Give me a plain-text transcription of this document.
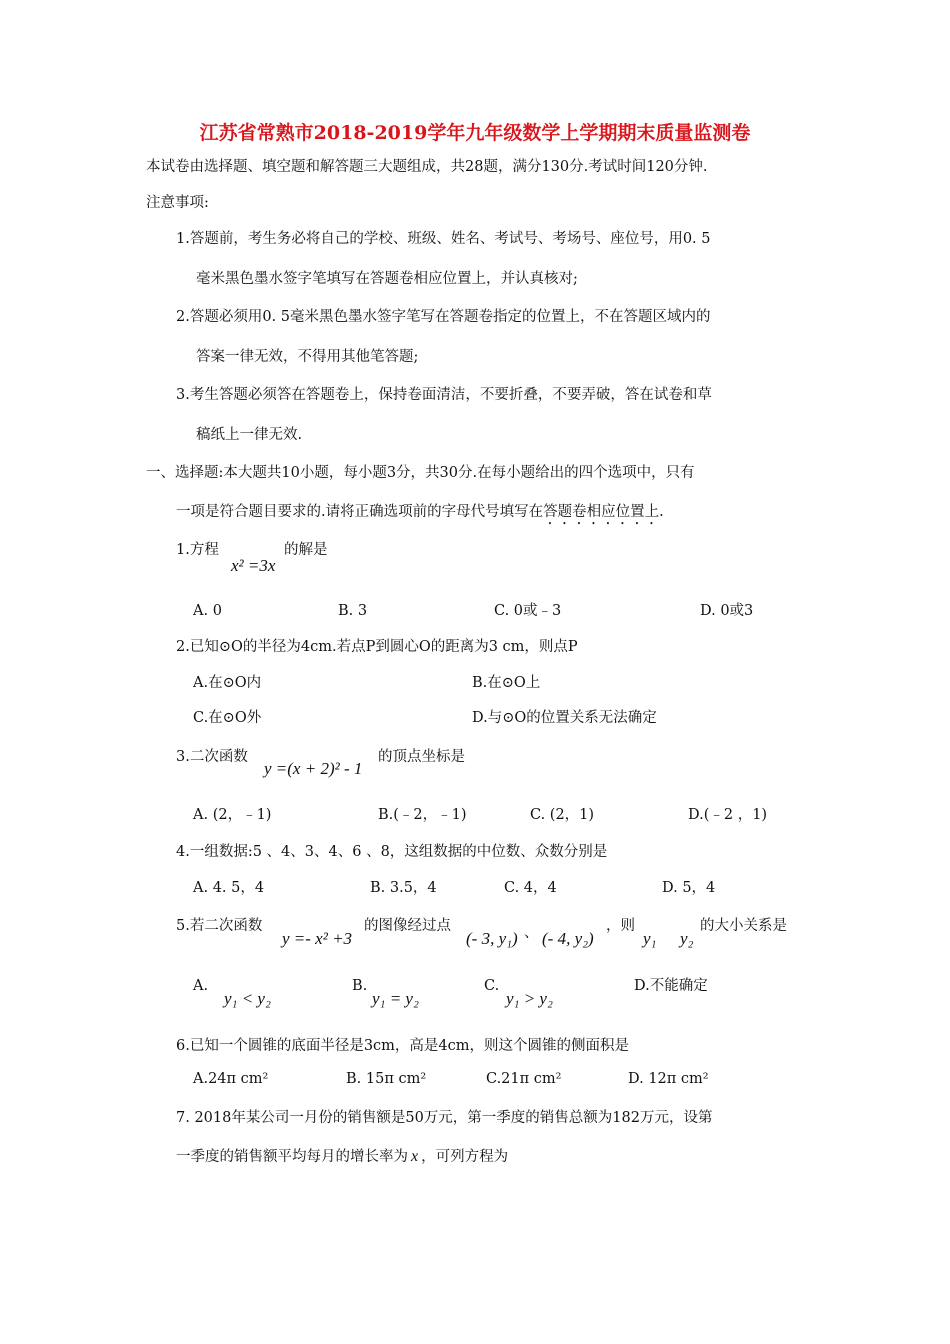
江苏省常熟市2018-2019学年九年级数学上学期期末质量监测卷
本试卷由选择题、填空题和解答题三大题组成，共28题，满分130分.考试时间120分钟.
注意事项:
1.答题前，考生务必将自己的学校、班级、姓名、考试号、考场号、座位号，用0. 5
毫米黑色墨水签字笔填写在答题卷相应位置上，并认真核对;
2.答题必须用0. 5毫米黑色墨水签字笔写在答题卷指定的位置上，不在答题区域内的
答案一律无效，不得用其他笔答题;
3.考生答题必须答在答题卷上，保持卷面清洁，不要折叠，不要弄破，答在试卷和草
稿纸上一律无效.
一、选择题:本大题共10小题，每小题3分，共30分.在每小题给出的四个选项中，只有
一项是符合题目要求的.请将正确选项前的字母代号填写在答题卷相应位置上.
1.方程
x² =3x
的解是
A. 0	B. 3	C. 0或﹣3	D. 0或3
2.已知⊙O的半径为4cm.若点P到圆心O的距离为3 cm，则点P
A.在⊙O内	B.在⊙O上
C.在⊙O外	D.与⊙O的位置关系无法确定
3.二次函数
y =(x + 2)² - 1
的顶点坐标是
A. (2，﹣1)	B.(﹣2，﹣1)	C. (2，1)	D.(﹣2 ，1)
4.一组数据:5 、4、3、4、6 、8，这组数据的中位数、众数分别是
A. 4. 5，4	B. 3.5，4	C. 4，4	D. 5，4
5.若二次函数
y =- x² +3
的图像经过点
(- 3, y₁) 、 (- 4, y₂)
，则
y₁ y₂
的大小关系是
A.
y₁ < y₂
B.
y₁ = y₂
C.
y₁ > y₂
D.不能确定
6.已知一个圆锥的底面半径是3cm，高是4cm，则这个圆锥的侧面积是
A.24π cm²	B. 15π cm²	C.21π cm²	D. 12π cm²
7. 2018年某公司一月份的销售额是50万元，第一季度的销售总额为182万元，设第
一季度的销售额平均每月的增长率为 x ，可列方程为
